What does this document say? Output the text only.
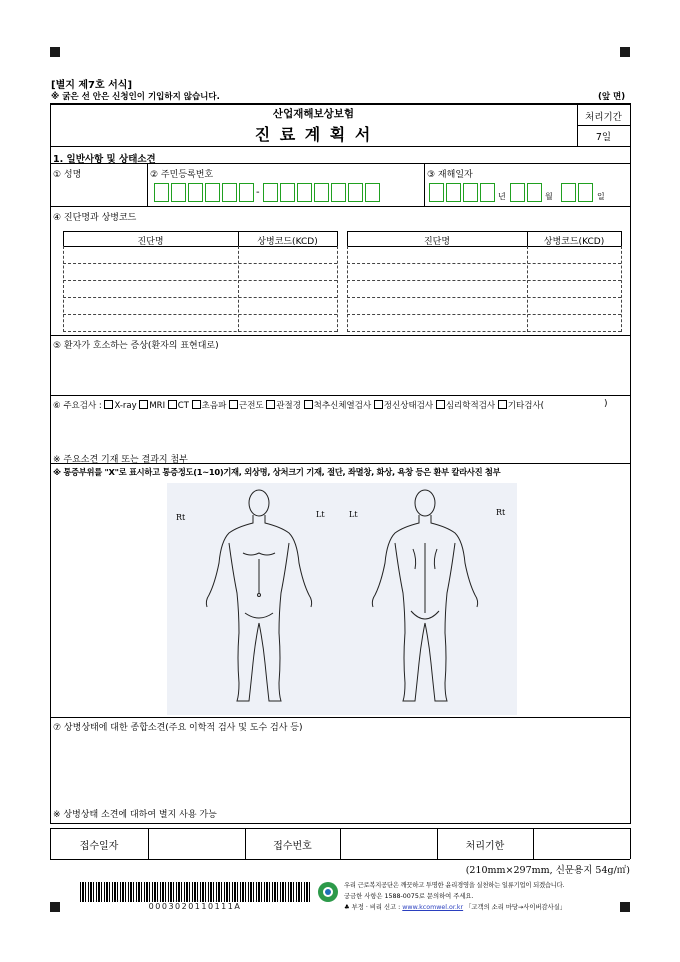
[별지 제7호 서식]
※ 굵은 선 안은 신청인이 기입하지 않습니다.	(앞 면)
처리기간
7일
산업재해보상보험
진 료 계 획 서
1. 일반사항 및 상태소견
① 성명	② 주민등록번호	③ 재해일자
-	년	월	일
④ 진단명과 상병코드
진단명	상병코드(KCD)	진단명	상병코드(KCD)
⑤ 환자가 호소하는 증상(환자의 표현대로)
⑥ 주요검사 : X-ray MRI CT 초음파 근전도 관절경 척추신체열검사 정신상태검사 심리학적검사 기타검사(	)
※ 주요소견 기재 또는 결과지 첨부
※ 통증부위를 "X"로 표시하고 통증정도(1~10)기재, 외상명, 상처크기 기재, 절단, 좌멸창, 화상, 욕창 등은 환부 칼라사진 첨부
Rt	Lt	Lt	Rt
⑦ 상병상태에 대한 종합소견(주요 이학적 검사 및 도수 검사 등)
※ 상병상태 소견에 대하여 별지 사용 가능
접수일자	접수번호	처리기한
(210mm×297mm, 신문용지 54g/㎡)
0003020110111A
우리 근로복지공단은 깨끗하고 투명한 윤리경영을 실천하는 일류기업이 되겠습니다.
궁금한 사항은 1588-0075로 문의하여 주세요.
♣ 부정 · 비리 신고 : www.kcomwel.or.kr 「고객의 소리 마당→사이버감사실」
